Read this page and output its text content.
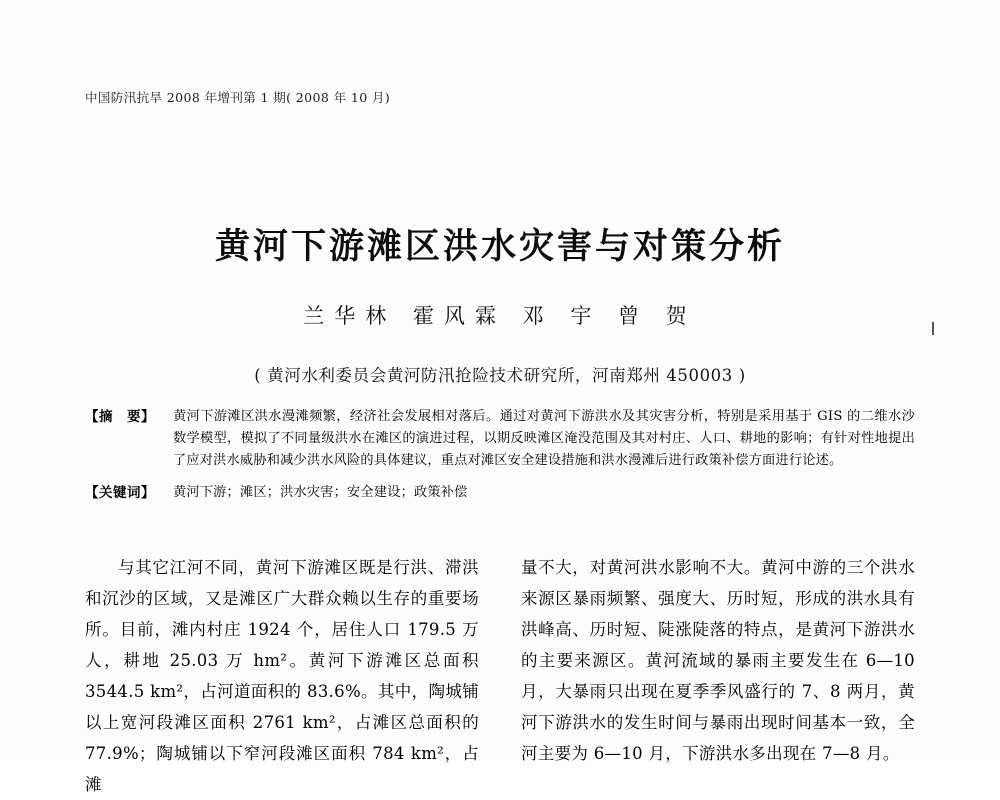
中国防汛抗旱 2008 年增刊第 1 期( 2008 年 10 月)
黄河下游滩区洪水灾害与对策分析
兰华林 霍风霖 邓 宇 曾 贺
( 黄河水利委员会黄河防汛抢险技术研究所，河南郑州 450003 )
【摘　要】	黄河下游滩区洪水漫滩频繁，经济社会发展相对落后。通过对黄河下游洪水及其灾害分析，特别是采用基于 GIS 的二维水沙数学模型，模拟了不同量级洪水在滩区的演进过程，以期反映滩区淹没范围及其对村庄、人口、耕地的影响；有针对性地提出了应对洪水威胁和减少洪水风险的具体建议，重点对滩区安全建设措施和洪水漫滩后进行政策补偿方面进行论述。
【关键词】	黄河下游；滩区；洪水灾害；安全建设；政策补偿

与其它江河不同，黄河下游滩区既是行洪、滞洪和沉沙的区域，又是滩区广大群众赖以生存的重要场所。目前，滩内村庄 1924 个，居住人口 179.5 万人，耕地 25.03 万 hm²。黄河下游滩区总面积 3544.5 km²，占河道面积的 83.6%。其中，陶城铺以上宽河段滩区面积 2761 km²，占滩区总面积的 77.9%；陶城铺以下窄河段滩区面积 784 km²，占滩

量不大，对黄河洪水影响不大。黄河中游的三个洪水来源区暴雨频繁、强度大、历时短，形成的洪水具有洪峰高、历时短、陡涨陡落的特点，是黄河下游洪水的主要来源区。黄河流域的暴雨主要发生在 6—10 月，大暴雨只出现在夏季季风盛行的 7、8 两月，黄河下游洪水的发生时间与暴雨出现时间基本一致，全河主要为 6—10 月，下游洪水多出现在 7—8 月。
